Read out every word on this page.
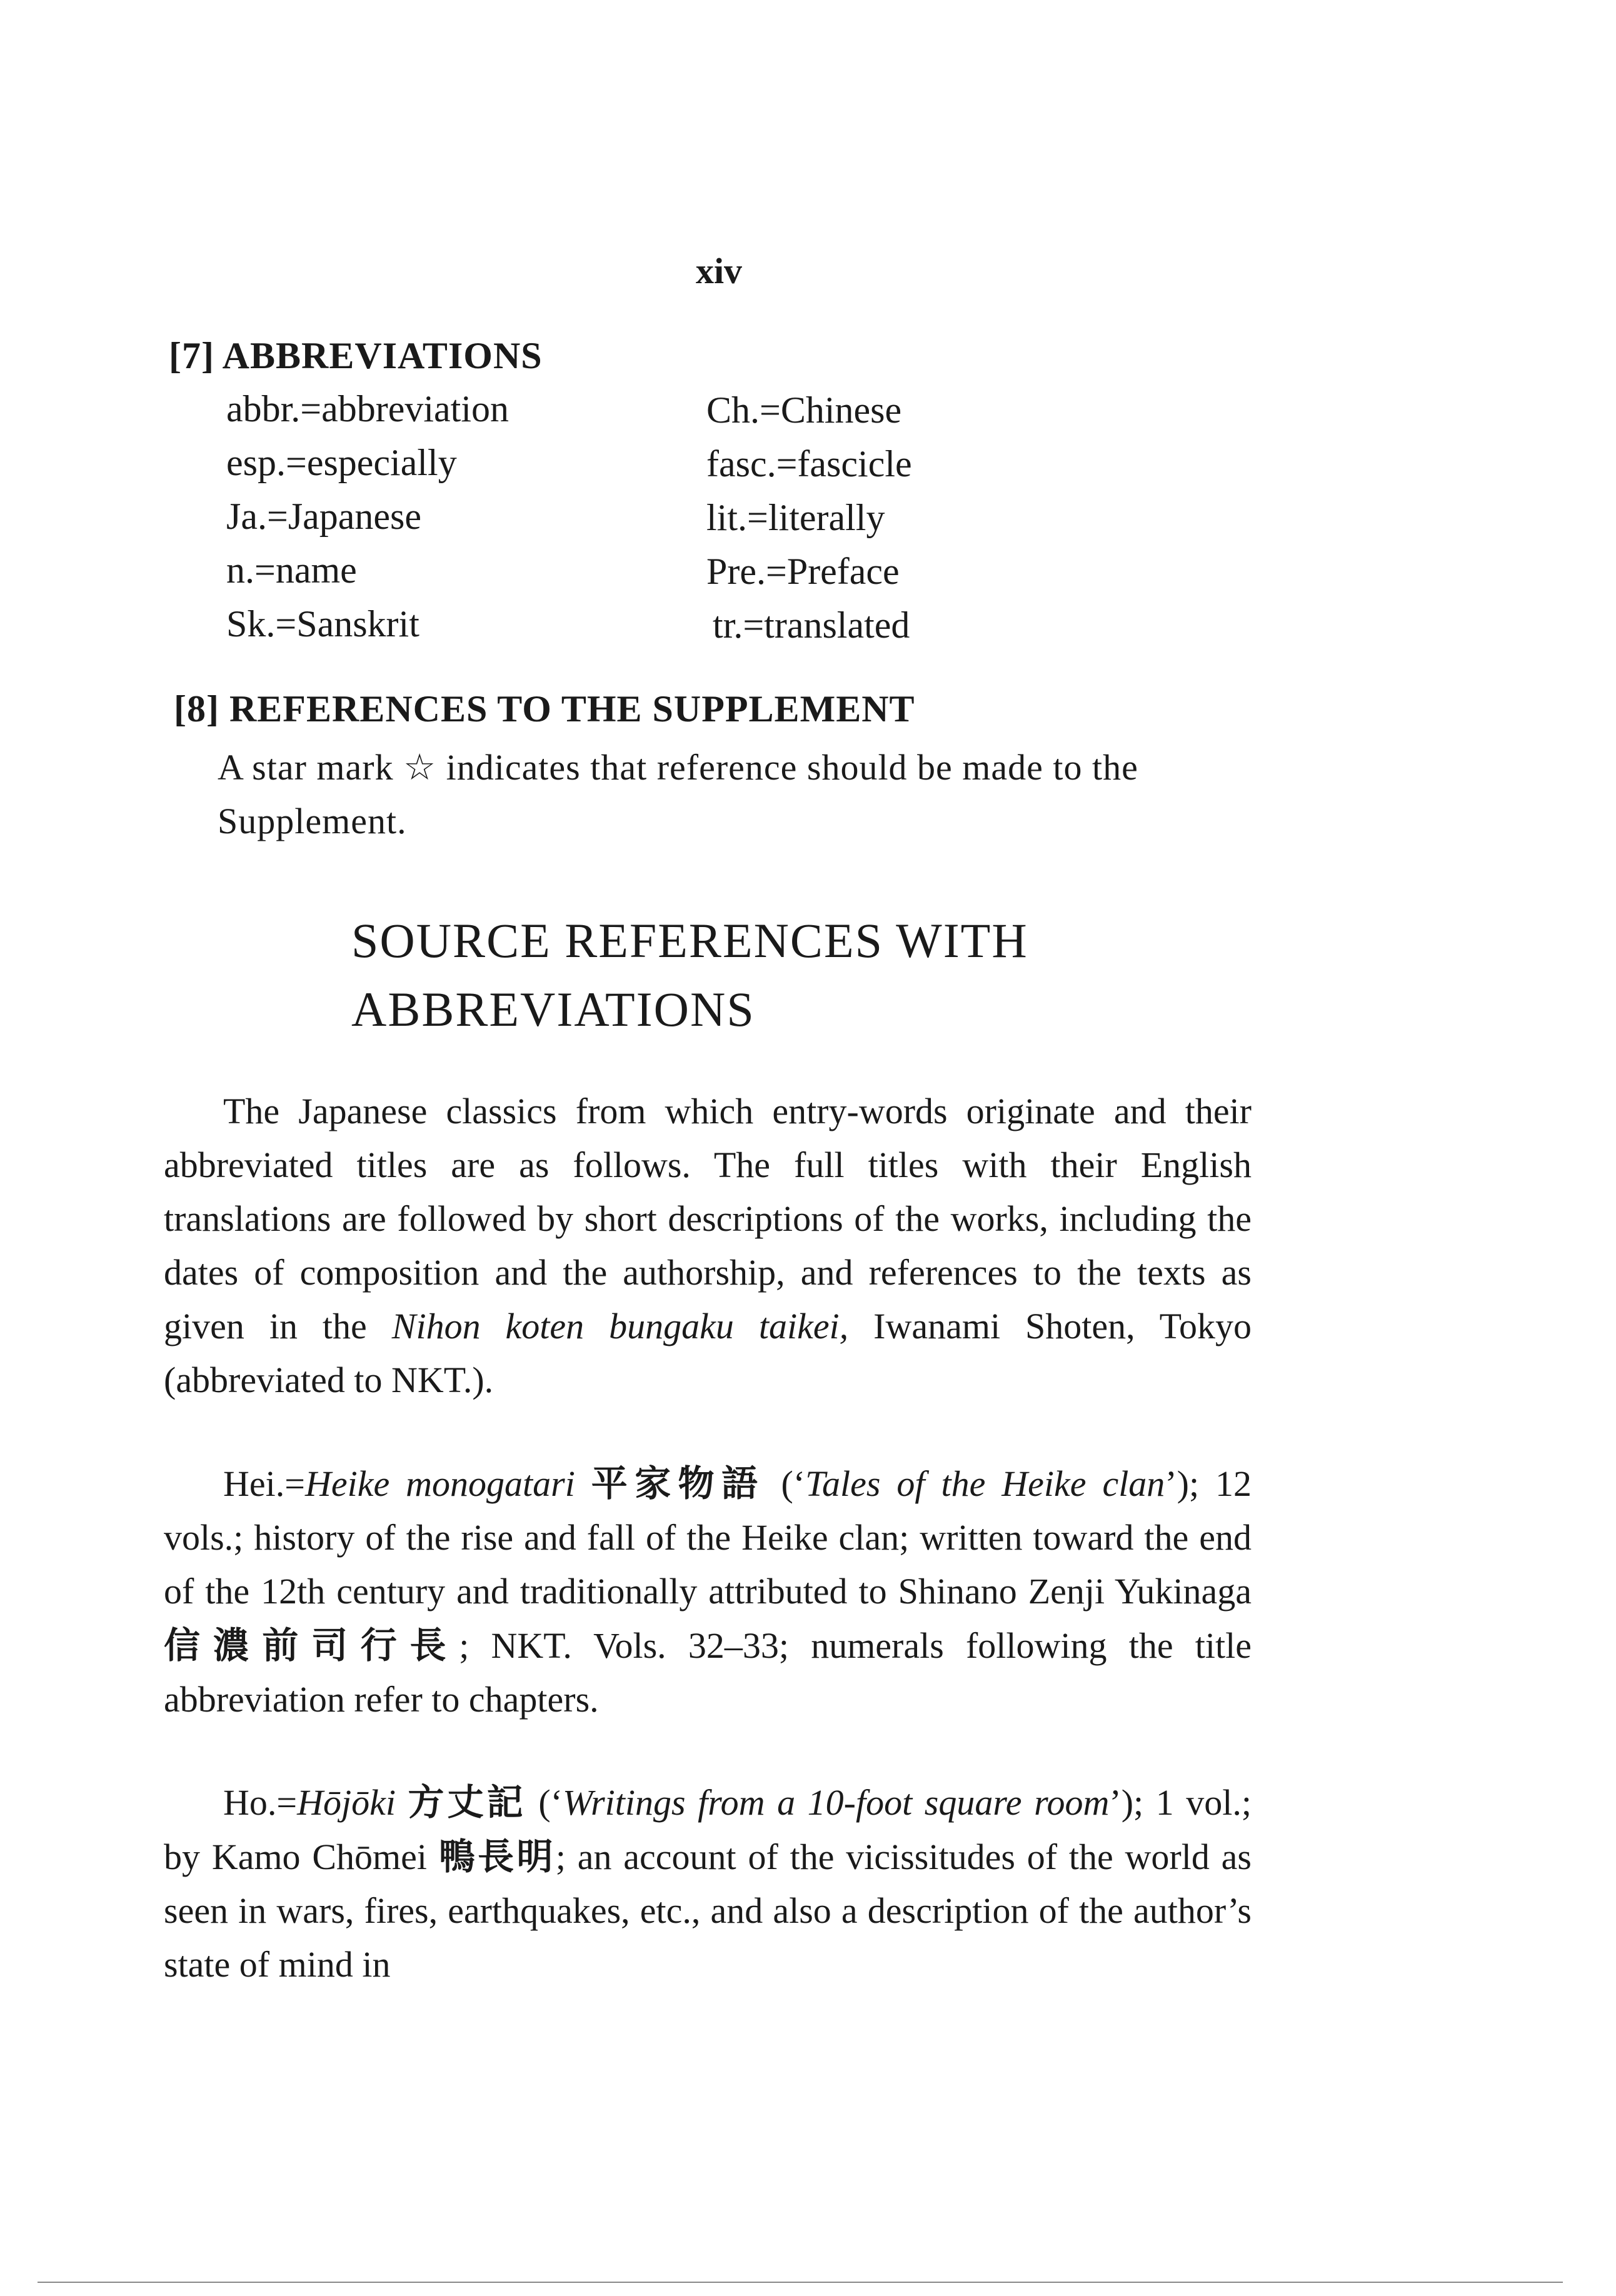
xiv
[7] ABBREVIATIONS
abbr.=abbreviation	Ch.=Chinese
esp.=especially	fasc.=fascicle
Ja.=Japanese	lit.=literally
n.=name	Pre.=Preface
Sk.=Sanskrit	tr.=translated
[8] REFERENCES TO THE SUPPLEMENT
A star mark ☆ indicates that reference should be made to the Supplement.
SOURCE REFERENCES WITH
ABBREVIATIONS
The Japanese classics from which entry-words originate and their abbreviated titles are as follows. The full titles with their English translations are followed by short descriptions of the works, including the dates of composition and the authorship, and references to the texts as given in the Nihon koten bungaku taikei, Iwanami Shoten, Tokyo (abbreviated to NKT.).
Hei.=Heike monogatari 平家物語 (‘Tales of the Heike clan’); 12 vols.; history of the rise and fall of the Heike clan; written toward the end of the 12th century and traditionally attributed to Shinano Zenji Yukinaga 信濃前司行長; NKT. Vols. 32–33; numerals following the title abbreviation refer to chapters.
Ho.=Hōjōki 方丈記 (‘Writings from a 10-foot square room’); 1 vol.; by Kamo Chōmei 鴨長明; an account of the vicissitudes of the world as seen in wars, fires, earthquakes, etc., and also a description of the author’s state of mind in
